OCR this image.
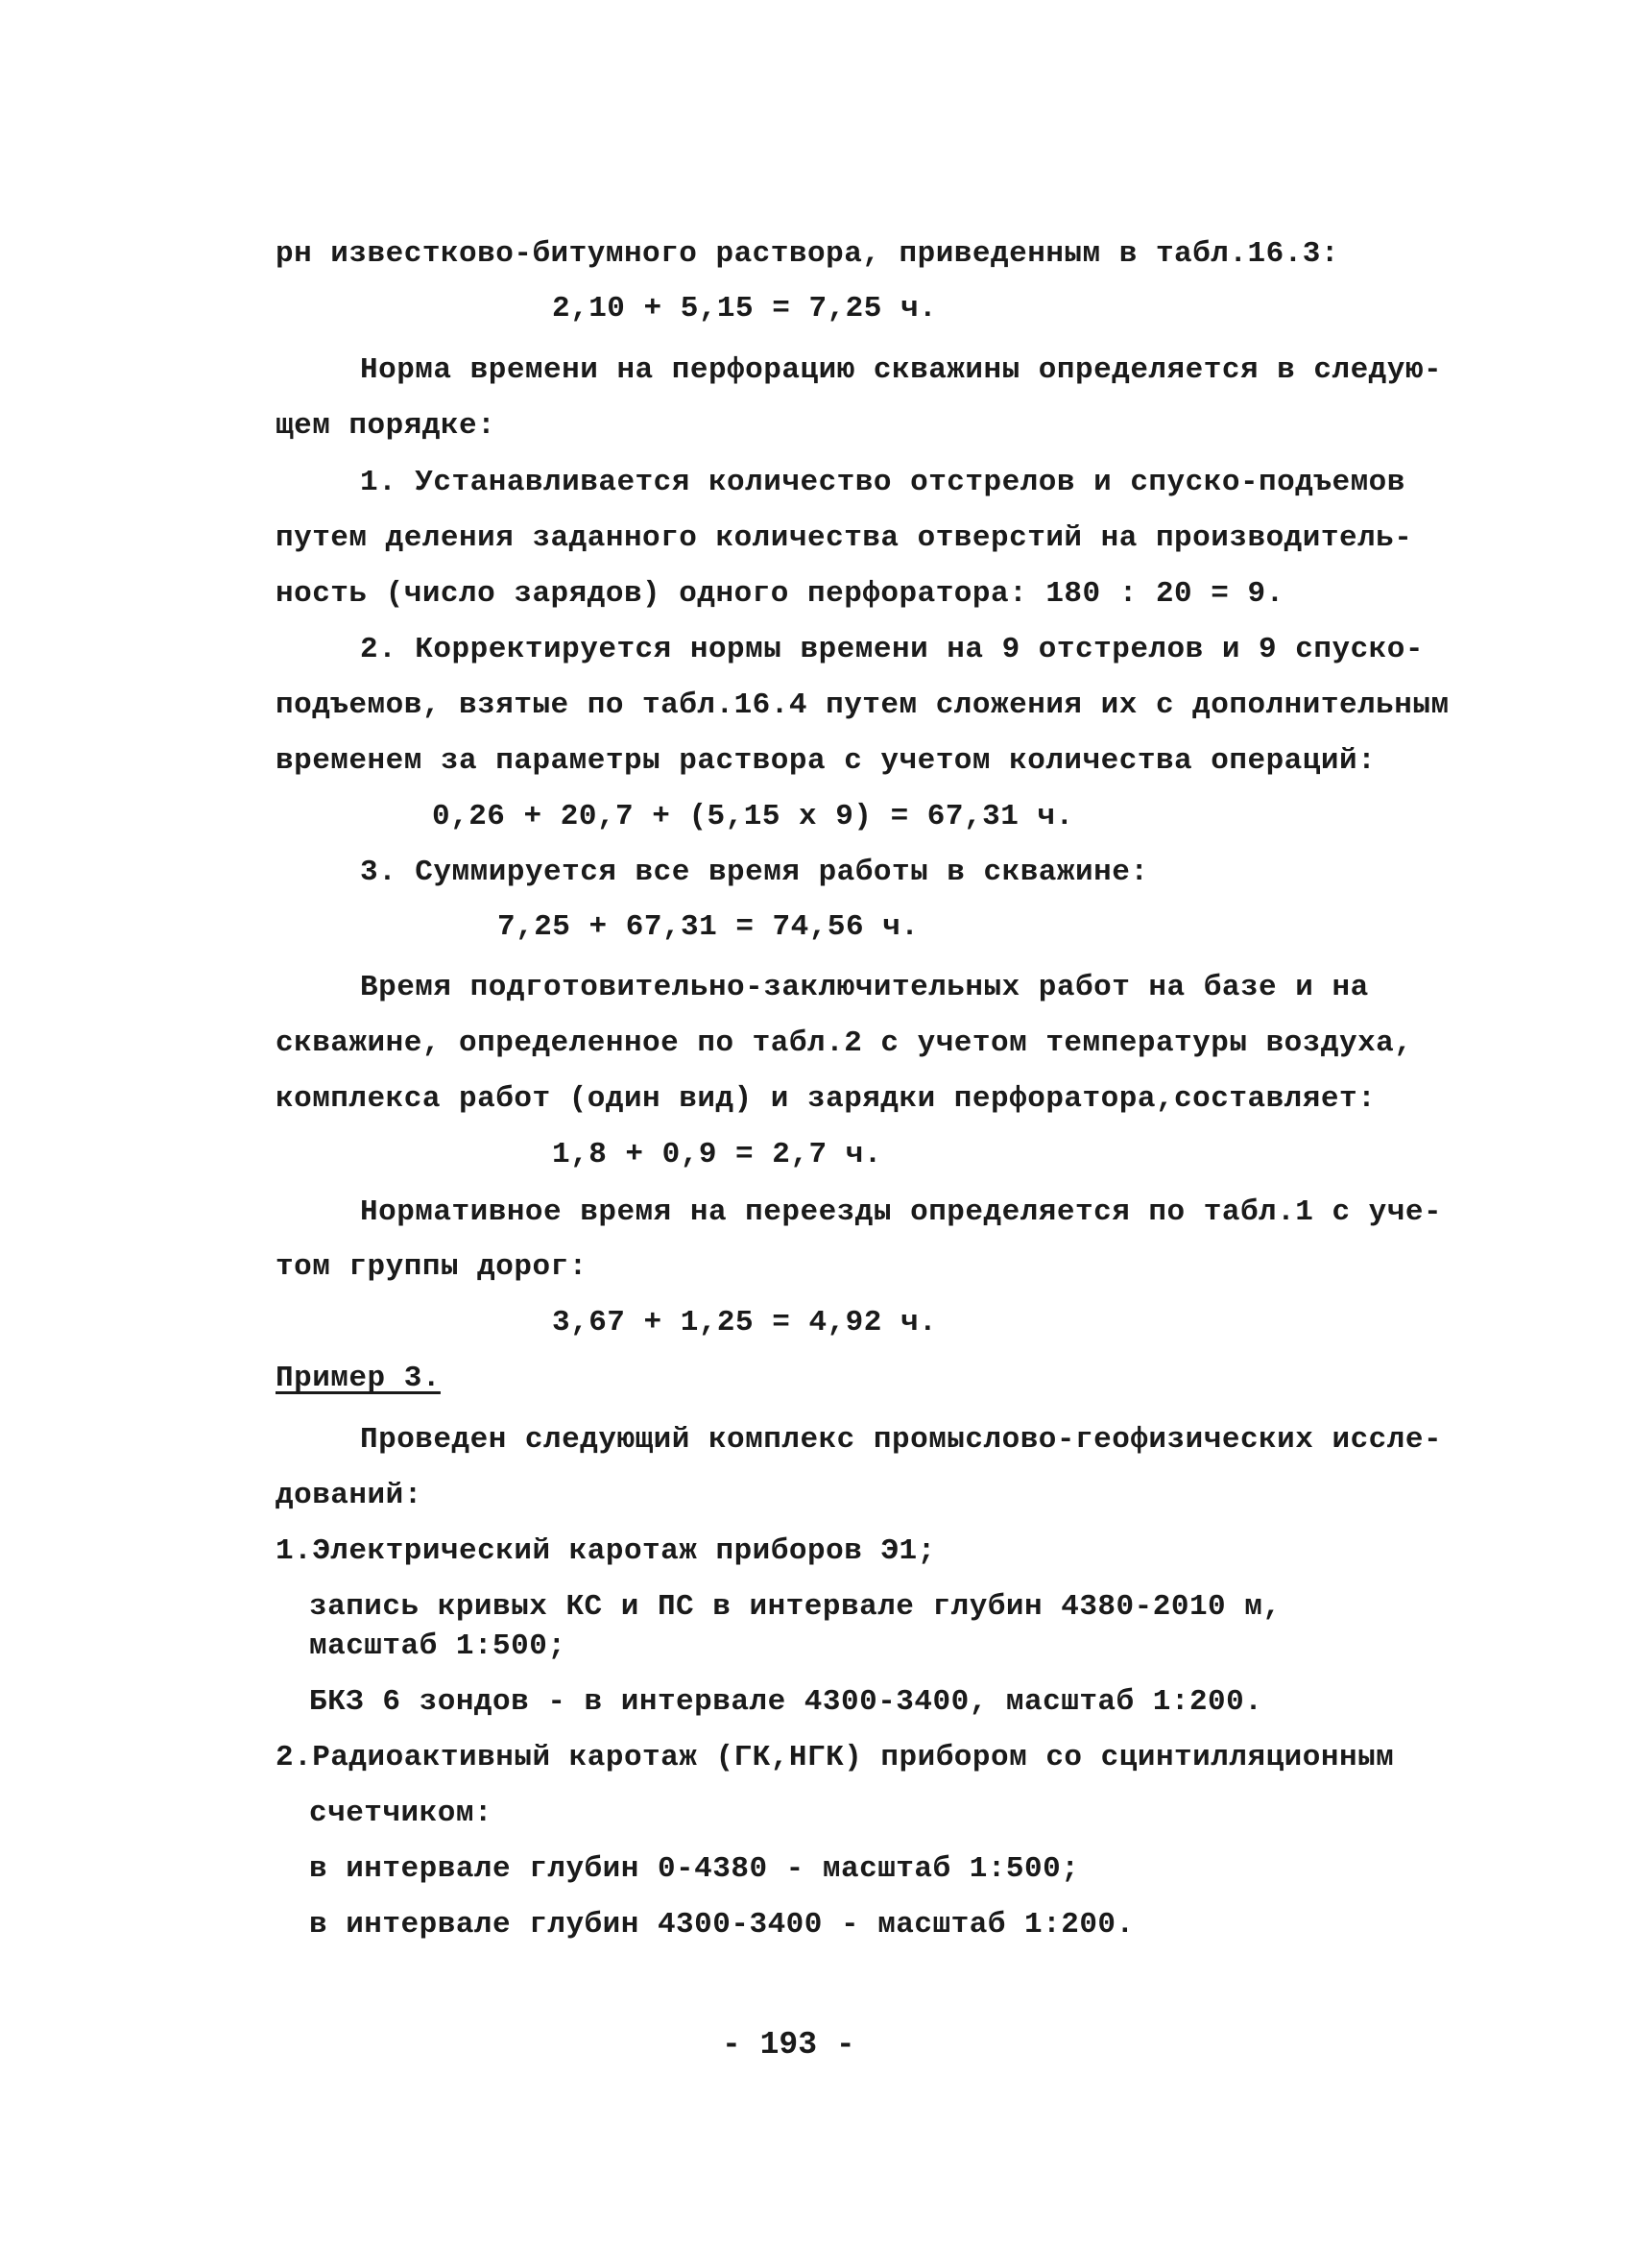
рн известково-битумного раствора, приведенным в табл.16.3:
2,10 + 5,15 = 7,25 ч.
Норма времени на перфорацию скважины определяется в следую-
щем порядке:
1. Устанавливается количество отстрелов и спуско-подъемов
путем деления заданного количества отверстий на производитель-
ность (число зарядов) одного перфоратора: 180 : 20 = 9.
2. Корректируется нормы времени на 9 отстрелов и 9 спуско-
подъемов, взятые по табл.16.4 путем сложения их с дополнительным
временем за параметры раствора с учетом количества операций:
0,26 + 20,7 + (5,15 x 9) = 67,31 ч.
3. Суммируется все время работы в скважине:
7,25 + 67,31 = 74,56 ч.
Время подготовительно-заключительных работ на базе и на
скважине, определенное по табл.2 с учетом температуры воздуха,
комплекса работ (один вид) и зарядки перфоратора,составляет:
1,8 + 0,9 = 2,7 ч.
Нормативное время на переезды определяется по табл.1 с уче-
том группы дорог:
3,67 + 1,25 = 4,92 ч.
Пример 3.
Проведен следующий комплекс промыслово-геофизических иссле-
дований:
1.Электрический каротаж приборов Э1;
запись кривых КС и ПС в интервале глубин 4380-2010 м,
масштаб 1:500;
БКЗ 6 зондов - в интервале 4300-3400, масштаб 1:200.
2.Радиоактивный каротаж (ГК,НГК) прибором со сцинтилляционным
счетчиком:
в интервале глубин 0-4380 - масштаб 1:500;
в интервале глубин 4300-3400 - масштаб 1:200.
- 193 -
